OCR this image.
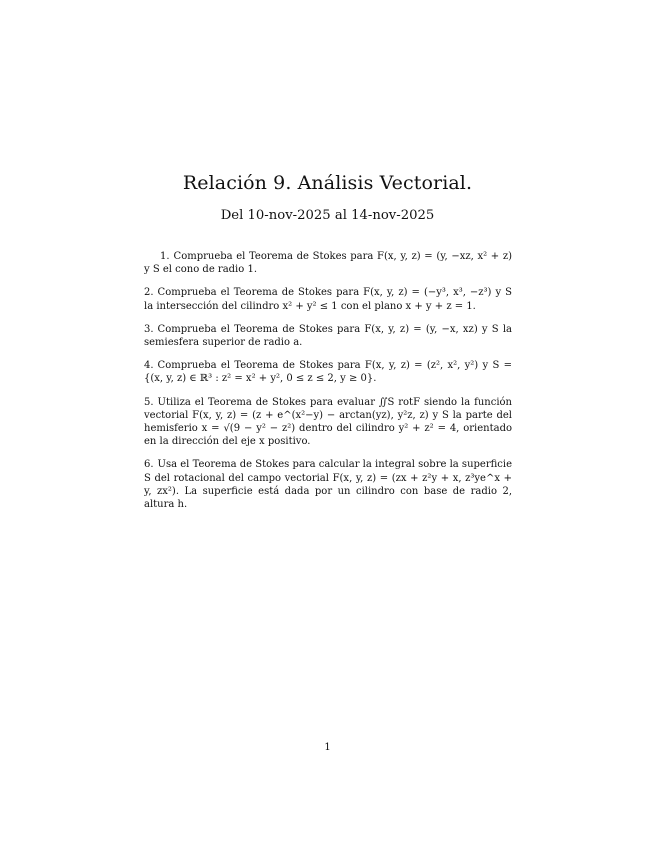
Relación 9. Análisis Vectorial.
Del 10-nov-2025 al 14-nov-2025

1. Comprueba el Teorema de Stokes para F(x, y, z) = (y, −xz, x² + z) y S el cono de radio 1.

2. Comprueba el Teorema de Stokes para F(x, y, z) = (−y³, x³, −z³) y S la intersección del cilindro x² + y² ≤ 1 con el plano x + y + z = 1.

3. Comprueba el Teorema de Stokes para F(x, y, z) = (y, −x, xz) y S la semiesfera superior de radio a.

4. Comprueba el Teorema de Stokes para F(x, y, z) = (z², x², y²) y S = {(x, y, z) ∈ ℝ³ : z² = x² + y², 0 ≤ z ≤ 2, y ≥ 0}.

5. Utiliza el Teorema de Stokes para evaluar ∬S rotF siendo la función vectorial F(x, y, z) = (z + e^(x²−y) − arctan(yz), y²z, z) y S la parte del hemisferio x = √(9 − y² − z²) dentro del cilindro y² + z² = 4, orientado en la dirección del eje x positivo.

6. Usa el Teorema de Stokes para calcular la integral sobre la superficie S del rotacional del campo vectorial F(x, y, z) = (zx + z²y + x, z³ye^x + y, zx²). La superficie está dada por un cilindro con base de radio 2, altura h.

1
